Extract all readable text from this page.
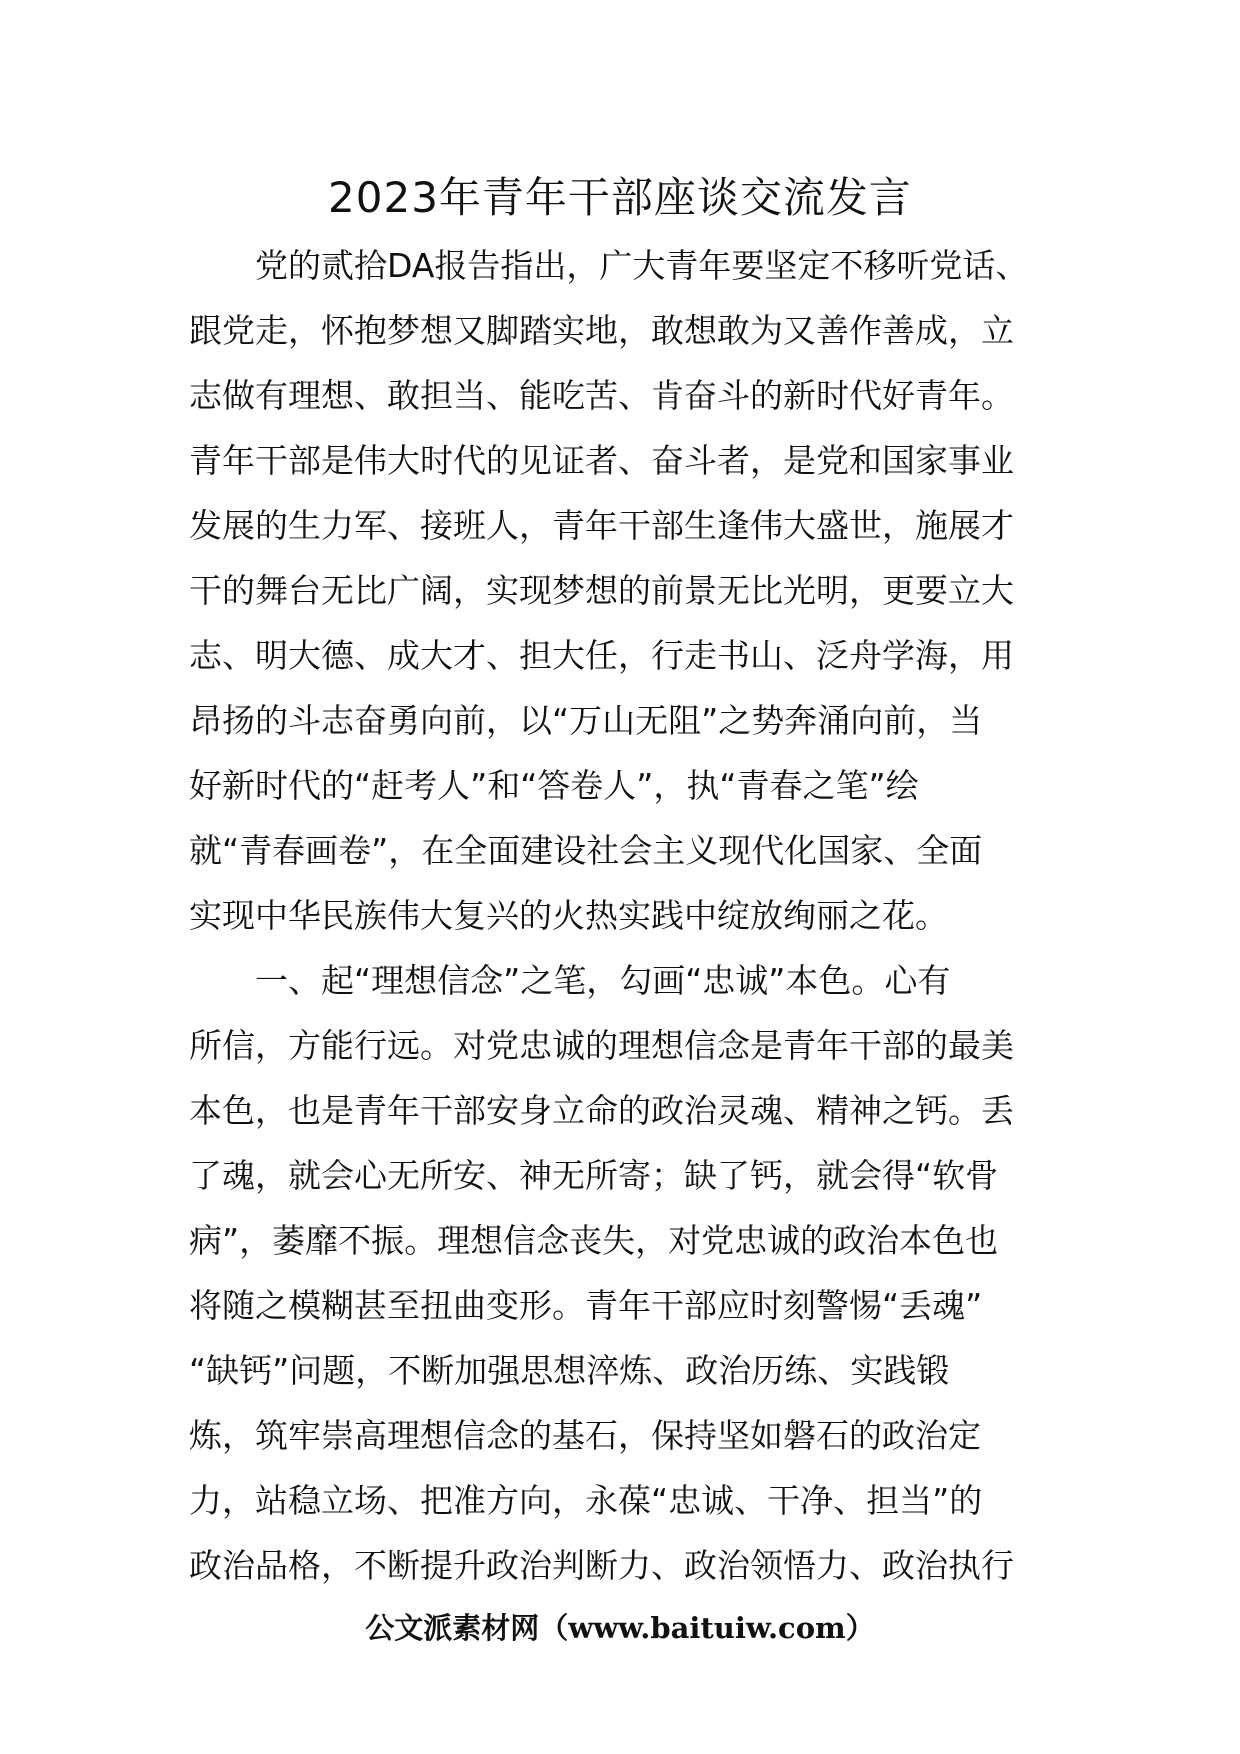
2023年青年干部座谈交流发言
党的贰拾DA报告指出，广大青年要坚定不移听党话、
跟党走，怀抱梦想又脚踏实地，敢想敢为又善作善成，立
志做有理想、敢担当、能吃苦、肯奋斗的新时代好青年。
青年干部是伟大时代的见证者、奋斗者，是党和国家事业
发展的生力军、接班人，青年干部生逢伟大盛世，施展才
干的舞台无比广阔，实现梦想的前景无比光明，更要立大
志、明大德、成大才、担大任，行走书山、泛舟学海，用
昂扬的斗志奋勇向前，以“万山无阻”之势奔涌向前，当
好新时代的“赶考人”和“答卷人”，执“青春之笔”绘
就“青春画卷”，在全面建设社会主义现代化国家、全面
实现中华民族伟大复兴的火热实践中绽放绚丽之花。
一、起“理想信念”之笔，勾画“忠诚”本色。心有
所信，方能行远。对党忠诚的理想信念是青年干部的最美
本色，也是青年干部安身立命的政治灵魂、精神之钙。丢
了魂，就会心无所安、神无所寄；缺了钙，就会得“软骨
病”，萎靡不振。理想信念丧失，对党忠诚的政治本色也
将随之模糊甚至扭曲变形。青年干部应时刻警惕“丢魂”
“缺钙”问题，不断加强思想淬炼、政治历练、实践锻
炼，筑牢崇高理想信念的基石，保持坚如磐石的政治定
力，站稳立场、把准方向，永葆“忠诚、干净、担当”的
政治品格，不断提升政治判断力、政治领悟力、政治执行
公文派素材网（www.baituiw.com）
